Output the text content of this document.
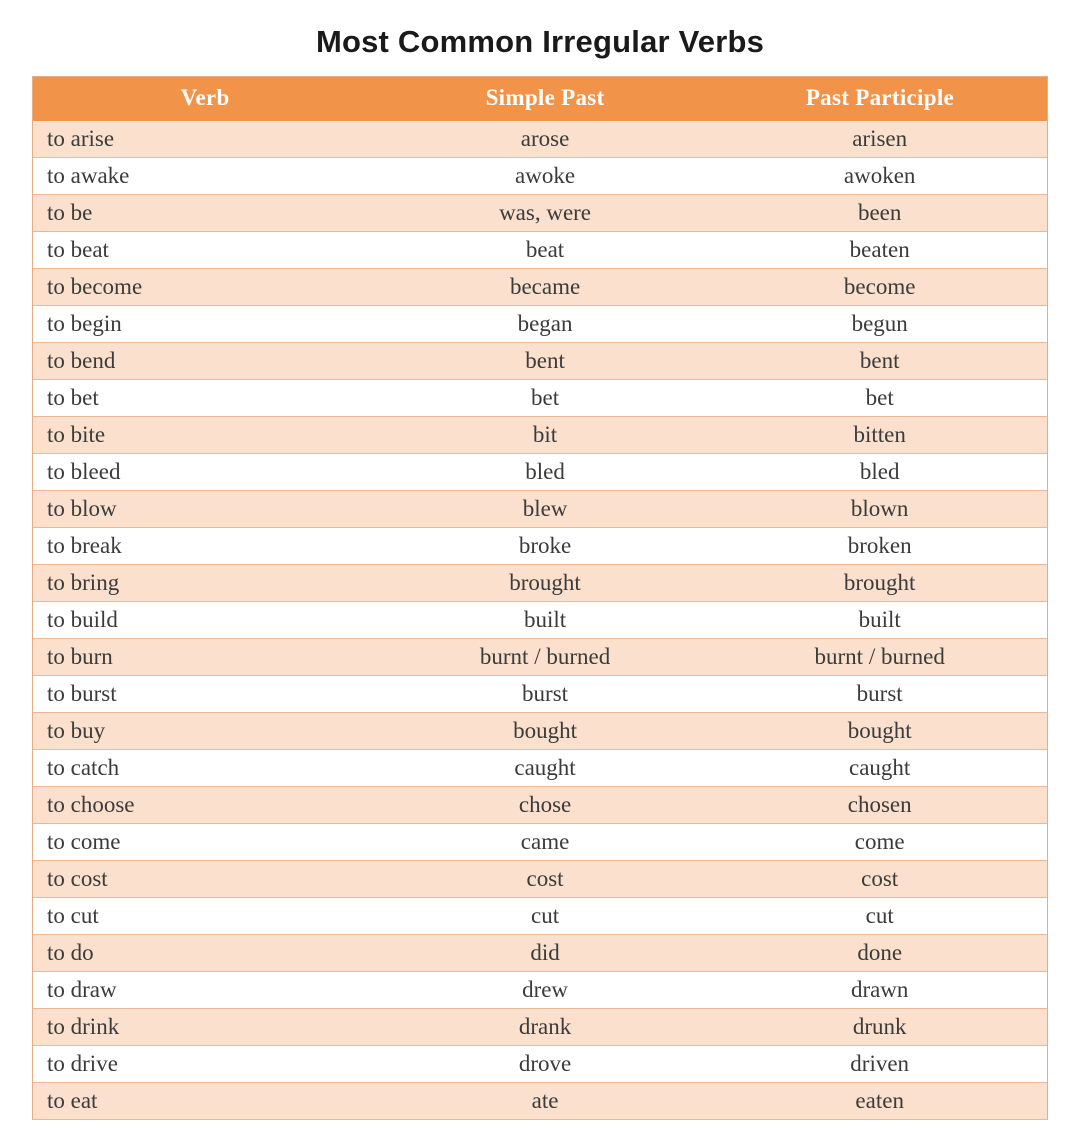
Most Common Irregular Verbs
Verb	Simple Past	Past Participle
to arise	arose	arisen
to awake	awoke	awoken
to be	was, were	been
to beat	beat	beaten
to become	became	become
to begin	began	begun
to bend	bent	bent
to bet	bet	bet
to bite	bit	bitten
to bleed	bled	bled
to blow	blew	blown
to break	broke	broken
to bring	brought	brought
to build	built	built
to burn	burnt / burned	burnt / burned
to burst	burst	burst
to buy	bought	bought
to catch	caught	caught
to choose	chose	chosen
to come	came	come
to cost	cost	cost
to cut	cut	cut
to do	did	done
to draw	drew	drawn
to drink	drank	drunk
to drive	drove	driven
to eat	ate	eaten
